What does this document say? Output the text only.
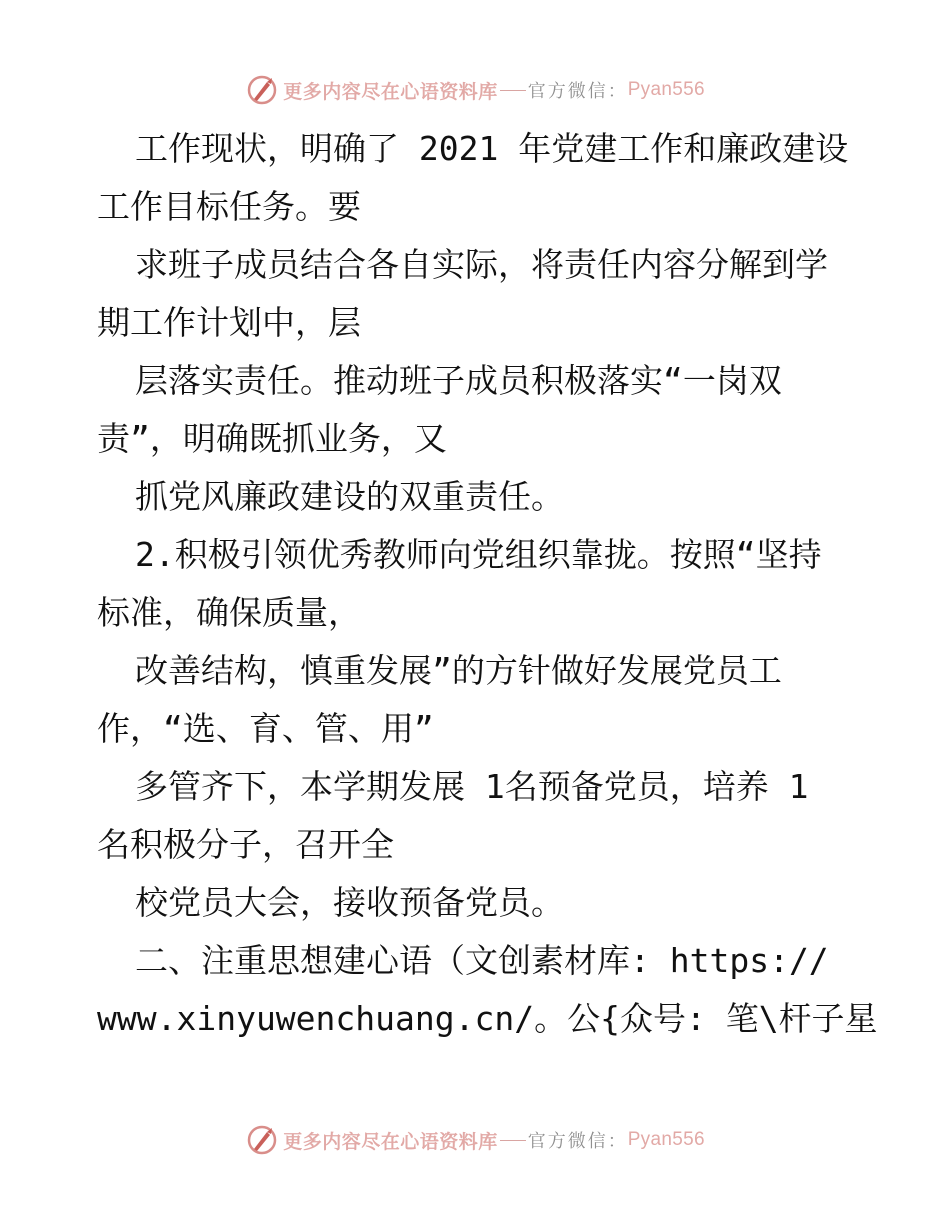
更多内容尽在心语资料库 官方微信： Pyan556
工作现状，明确了 2021 年党建工作和廉政建设
工作目标任务。要
求班子成员结合各自实际，将责任内容分解到学
期工作计划中，层
层落实责任。推动班子成员积极落实“一岗双
责”，明确既抓业务，又
抓党风廉政建设的双重责任。
2.积极引领优秀教师向党组织靠拢。按照“坚持
标准，确保质量，
改善结构，慎重发展”的方针做好发展党员工
作，“选、育、管、用”
多管齐下，本学期发展 1名预备党员，培养 1
名积极分子，召开全
校党员大会，接收预备党员。
二、注重思想建心语（文创素材库: https://
www.xinyuwenchuang.cn/。公{众号: 笔\杆子星
更多内容尽在心语资料库 官方微信： Pyan556
